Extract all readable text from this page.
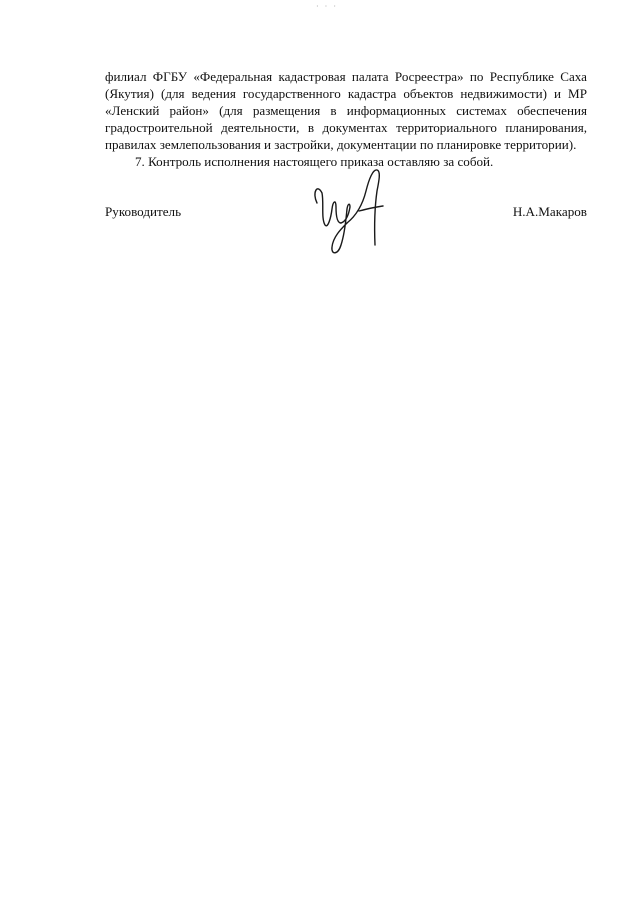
· · ·

филиал ФГБУ «Федеральная кадастровая палата Росреестра» по Республике Саха (Якутия) (для ведения государственного кадастра объектов недвижимости) и МР «Ленский район» (для размещения в информационных системах обеспечения градостроительной деятельности, в документах территориального планирования, правилах землепользования и застройки, документации по планировке территории).

7. Контроль исполнения настоящего приказа оставляю за собой.

Руководитель	Н.А.Макаров
